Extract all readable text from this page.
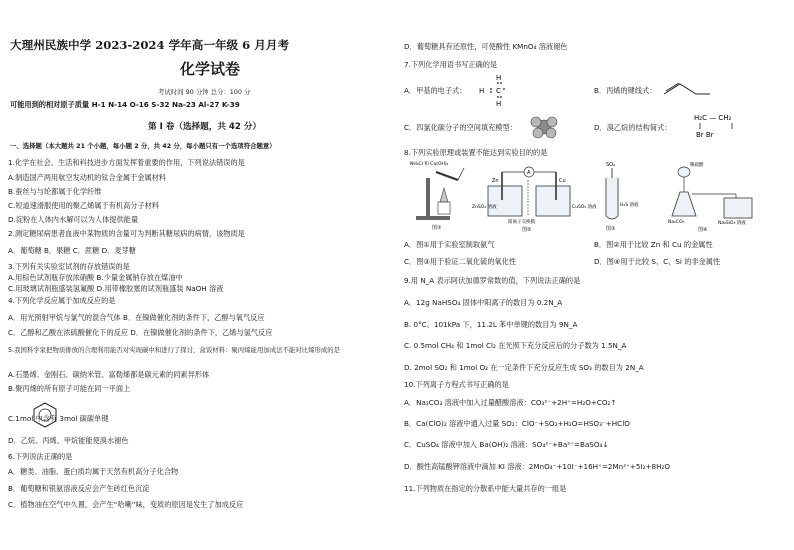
大理州民族中学 2023-2024 学年高一年级 6 月月考
化学试卷
考试时间 90 分钟 总分：100 分
可能用到的相对原子质量 H-1 N-14 O-16 S-32 Na-23 Al-27 K-39
第 I 卷（选择题，共 42 分）
一、选择题（本大题共 21 个小题，每小题 2 分，共 42 分，每小题只有一个选项符合题意）
1.化学在社会、生活和科技进步方面发挥着重要的作用，下列说法错误的是
A.制造国产两用航空发动机的钛合金属于金属材料
B.蚕丝与与纶都属于化学纤维
C.短道速滑服使用的聚乙烯属于有机高分子材料
D.淀粉在人体内水解可以为人体提供能量
2.测定糖尿病患者血液中某物质的含量可为判断其糖尿病的病情，该物质是
A．葡萄糖 B．果糖 C．蔗糖 D．麦芽糖
3.下列有关实验室试剂的存放错误的是
A.用棕色试剂瓶存放浓硝酸 B.少量金属钠存放在煤油中
C.用玻璃试剂瓶盛装氢氟酸 D.用带橡胶塞的试剂瓶盛装 NaOH 溶液
4.下列化学反应属于加成反应的是
A．用光照射甲烷与氯气的混合气体 B．在镍做催化剂的条件下，乙醇与氧气反应
C．乙醇和乙酸在浓硫酸催化下的反应 D．在镍做催化剂的条件下，乙烯与氢气反应
5.我国科学家把物质排放的合理利用能否对实现碳中和进行了探讨，盒饭材料：聚丙烯能用加成法不能对比烯形成的是
A.石墨烯、金刚石、碳纳米管、富勒烯都是碳元素的同素异形体
B.聚丙烯的所有原子可能在同一平面上
C.1mol 中含有 3mol 碳碳单键
D．乙烷、丙烯、甲烷能能使溴水褪色
6.下列说法正确的是
A．糖类、油脂、蛋白质均属于天然有机高分子化合物
B．葡萄糖和银氨溶液反应会产生砖红色沉淀
C．植物油在空气中久置，会产生“哈喇”味，变质的原因是发生了加成反应
D．葡萄糖具有还原性，可使酸性 KMnO₄ 溶液褪色
7.下列化学用语书写正确的是
A．甲基的电子式：
H
H C
H
B．丙烯的键线式：
C．四氯化碳分子的空间填充模型：	D．溴乙烷的结构简式：
H₂C — CH₂
Br Br
8.下列实验原理或装置不能达到实验目的的是
NH₄Cl 和 Ca(OH)₂
图①
A
Zn	Cu
ZnSO₄ 溶液	CuSO₄ 溶液
阳离子交换膜
图②
SO₂
H₂S 溶液
图③
稀硫酸
Na₂CO₃	Na₂SiO₃ 溶液
图④
A．图①用于实验室制取氨气	B．图②用于比较 Zn 和 Cu 的金属性
C．图③用于验证二氧化硫的氧化性	D．图④用于比较 S、C、Si 的非金属性
9.用 N_A 表示阿伏加德罗常数的值，下列说法正确的是
A．12g NaHSO₄ 固体中阳离子的数目为 0.2N_A
B. 0°C、101kPa 下，11.2L 苯中单键的数目为 9N_A
C. 0.5mol CH₄ 和 1mol Cl₂ 在光照下充分反应后的分子数为 1.5N_A
D. 2mol SO₂ 和 1mol O₂ 在一定条件下充分反应生成 SO₃ 的数目为 2N_A
10.下列离子方程式书写正确的是
A．Na₂CO₃ 溶液中加入过量醋酸溶液：CO₃²⁻+2H⁺=H₂O+CO₂↑
B．Ca(ClO)₂ 溶液中通入过量 SO₂：ClO⁻+SO₂+H₂O=HSO₃⁻+HClO
C．CuSO₄ 溶液中加入 Ba(OH)₂ 溶液：SO₄²⁻+Ba²⁺=BaSO₄↓
D．酸性高锰酸钾溶液中滴加 KI 溶液：2MnO₄⁻+10I⁻+16H⁺=2Mn²⁺+5I₂+8H₂O
11.下列物质在指定的分散系中能大量共存的一组是
